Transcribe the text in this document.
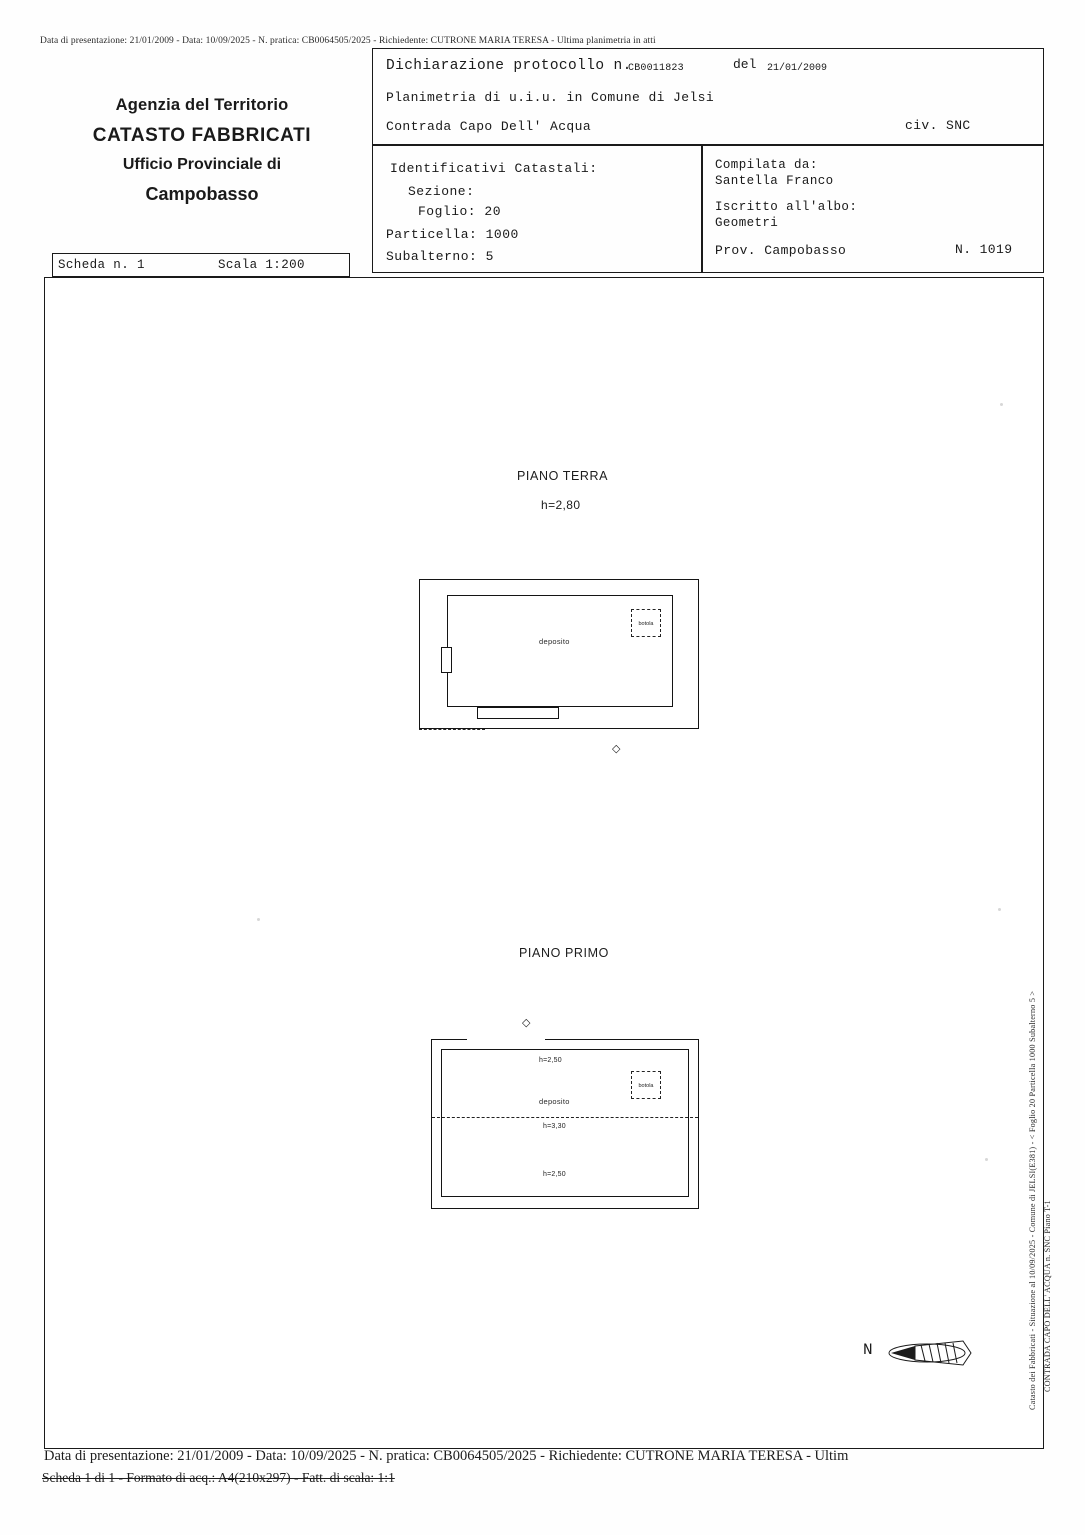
Data di presentazione: 21/01/2009 - Data: 10/09/2025 - N. pratica: CB0064505/2025 - Richiedente: CUTRONE MARIA TERESA - Ultima planimetria in atti
Agenzia del Territorio
CATASTO FABBRICATI
Ufficio Provinciale di
Campobasso
Dichiarazione protocollo n.
CB0011823	del 21/01/2009
Planimetria di u.i.u. in Comune di Jelsi
Contrada Capo Dell' Acqua	civ. SNC
Identificativi Catastali:
Sezione:
Foglio: 20
Particella: 1000
Subalterno: 5
Compilata da:
Santella Franco
Iscritto all'albo:
Geometri
Prov. Campobasso	N. 1019
Scheda n. 1	Scala 1:200
PIANO TERRA
h=2,80
PIANO PRIMO
deposito
botola
◇
botola
deposito
h=2,50
h=3,30
h=2,50
◇
N	Catasto dei Fabbricati - Situazione al 10/09/2025 - Comune di JELSI(E381) - < Foglio 20 Particella 1000 Subalterno 5 > CONTRADA CAPO DELL' ACQUA n. SNC Piano T-1
Data di presentazione: 21/01/2009 - Data: 10/09/2025 - N. pratica: CB0064505/2025 - Richiedente: CUTRONE MARIA TERESA - Ultim
Scheda 1 di 1 - Formato di acq.: A4(210x297) - Fatt. di scala: 1:1
